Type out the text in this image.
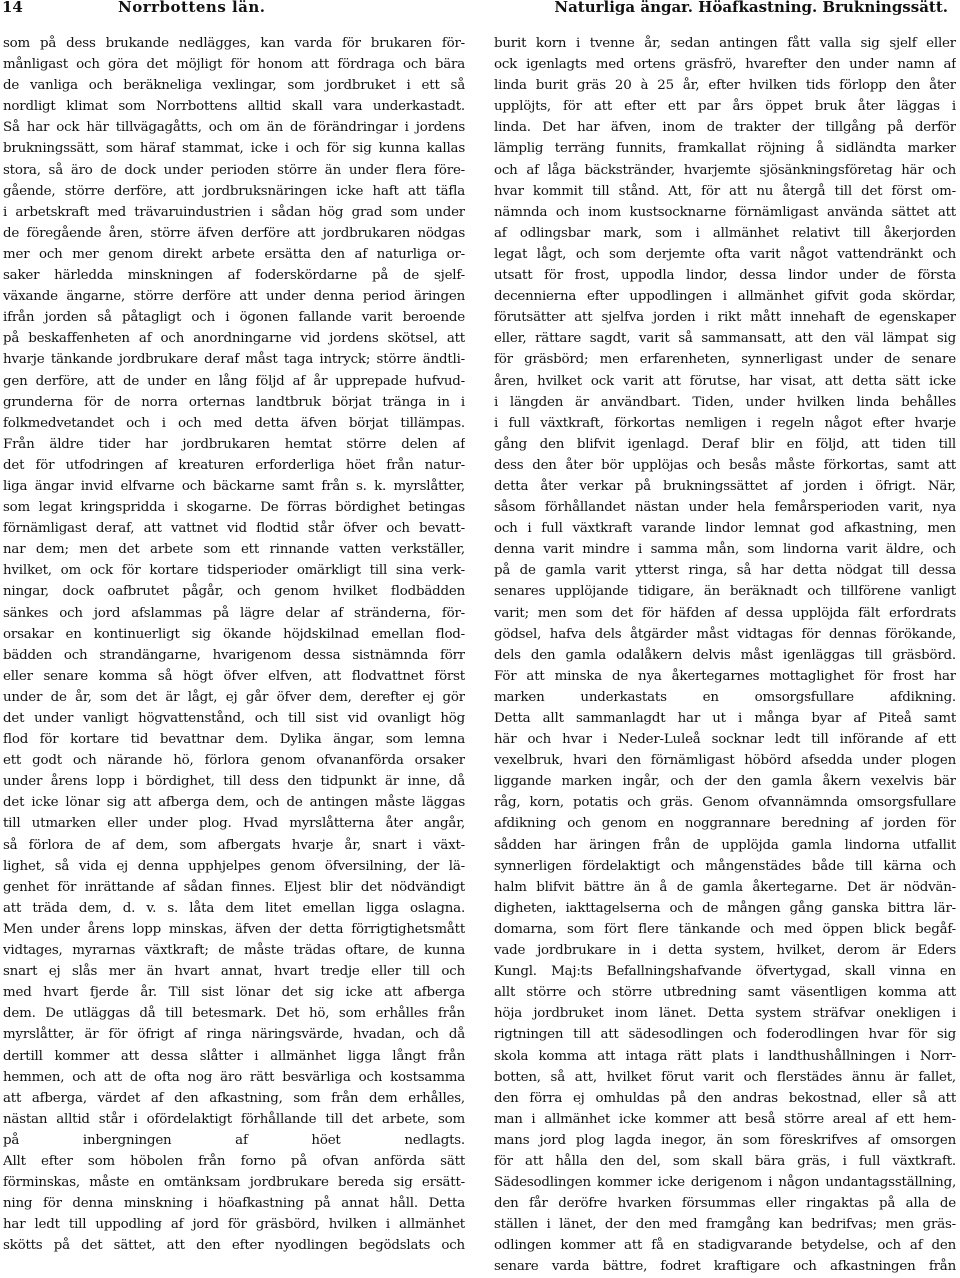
14	Norrbottens län.	Naturliga ängar. Höafkastning. Brukningssätt.

som på dess brukande nedlägges, kan varda för brukaren för-
månligast och göra det möjligt för honom att fördraga och bära
de vanliga och beräkneliga vexlingar, som jordbruket i ett så
nordligt klimat som Norrbottens alltid skall vara underkastadt.
Så har ock här tillvägagåtts, och om än de förändringar i jordens
brukningssätt, som häraf stammat, icke i och för sig kunna kallas
stora, så äro de dock under perioden större än under flera före-
gående, större derföre, att jordbruksnäringen icke haft att täfla
i arbetskraft med trävaruindustrien i sådan hög grad som under
de föregående åren, större äfven derföre att jordbrukaren nödgas
mer och mer genom direkt arbete ersätta den af naturliga or-
saker härledda minskningen af foderskördarne på de sjelf-
växande ängarne, större derföre att under denna period äringen
ifrån jorden så påtagligt och i ögonen fallande varit beroende
på beskaffenheten af och anordningarne vid jordens skötsel, att
hvarje tänkande jordbrukare deraf måst taga intryck; större ändtli-
gen derföre, att de under en lång följd af år upprepade hufvud-
grunderna för de norra orternas landtbruk börjat tränga in i
folkmedvetandet och i och med detta äfven börjat tillämpas.
Från äldre tider har jordbrukaren hemtat större delen af
det för utfodringen af kreaturen erforderliga höet från natur-
liga ängar invid elfvarne och bäckarne samt från s. k. myrslåtter,
som legat kringspridda i skogarne. De förras bördighet betingas
förnämligast deraf, att vattnet vid flodtid står öfver och bevatt-
nar dem; men det arbete som ett rinnande vatten verkställer,
hvilket, om ock för kortare tidsperioder omärkligt till sina verk-
ningar, dock oafbrutet pågår, och genom hvilket flodbädden
sänkes och jord afslammas på lägre delar af stränderna, för-
orsakar en kontinuerligt sig ökande höjdskilnad emellan flod-
bädden och strandängarne, hvarigenom dessa sistnämnda förr
eller senare komma så högt öfver elfven, att flodvattnet först
under de år, som det är lågt, ej går öfver dem, derefter ej gör
det under vanligt högvattenstånd, och till sist vid ovanligt hög
flod för kortare tid bevattnar dem. Dylika ängar, som lemna
ett godt och närande hö, förlora genom ofvananförda orsaker
under årens lopp i bördighet, till dess den tidpunkt är inne, då
det icke lönar sig att afberga dem, och de antingen måste läggas
till utmarken eller under plog. Hvad myrslåtterna åter angår,
så förlora de af dem, som afbergats hvarje år, snart i växt-
lighet, så vida ej denna upphjelpes genom öfversilning, der lä-
genhet för inrättande af sådan finnes. Eljest blir det nödvändigt
att träda dem, d. v. s. låta dem litet emellan ligga oslagna.
Men under årens lopp minskas, äfven der detta förrigtighetsmått
vidtages, myrarnas växtkraft; de måste trädas oftare, de kunna
snart ej slås mer än hvart annat, hvart tredje eller till och
med hvart fjerde år. Till sist lönar det sig icke att afberga
dem. De utläggas då till betesmark. Det hö, som erhålles från
myrslåtter, är för öfrigt af ringa näringsvärde, hvadan, och då
dertill kommer att dessa slåtter i allmänhet ligga långt från
hemmen, och att de ofta nog äro rätt besvärliga och kostsamma
att afberga, värdet af den afkastning, som från dem erhålles,
nästan alltid står i ofördelaktigt förhållande till det arbete, som
på inbergningen af höet nedlagts.
Allt efter som höbolen från forno på ofvan anförda sätt
förminskas, måste en omtänksam jordbrukare bereda sig ersätt-
ning för denna minskning i höafkastning på annat håll. Detta
har ledt till uppodling af jord för gräsbörd, hvilken i allmänhet
skötts på det sättet, att den efter nyodlingen begödslats och

burit korn i tvenne år, sedan antingen fått valla sig sjelf eller
ock igenlagts med ortens gräsfrö, hvarefter den under namn af
linda burit gräs 20 à 25 år, efter hvilken tids förlopp den åter
upplöjts, för att efter ett par års öppet bruk åter läggas i
linda. Det har äfven, inom de trakter der tillgång på derför
lämplig terräng funnits, framkallat röjning å sidländta marker
och af låga bäckstränder, hvarjemte sjösänkningsföretag här och
hvar kommit till stånd. Att, för att nu återgå till det först om-
nämnda och inom kustsocknarne förnämligast använda sättet att
af odlingsbar mark, som i allmänhet relativt till åkerjorden
legat lågt, och som derjemte ofta varit något vattendränkt och
utsatt för frost, uppodla lindor, dessa lindor under de första
decennierna efter uppodlingen i allmänhet gifvit goda skördar,
förutsätter att sjelfva jorden i rikt mått innehaft de egenskaper
eller, rättare sagdt, varit så sammansatt, att den väl lämpat sig
för gräsbörd; men erfarenheten, synnerligast under de senare
åren, hvilket ock varit att förutse, har visat, att detta sätt icke
i längden är användbart. Tiden, under hvilken linda behålles
i full växtkraft, förkortas nemligen i regeln något efter hvarje
gång den blifvit igenlagd. Deraf blir en följd, att tiden till
dess den åter bör upplöjas och besås måste förkortas, samt att
detta åter verkar på brukningssättet af jorden i öfrigt. När,
såsom förhållandet nästan under hela femårsperioden varit, nya
och i full växtkraft varande lindor lemnat god afkastning, men
denna varit mindre i samma mån, som lindorna varit äldre, och
på de gamla varit ytterst ringa, så har detta nödgat till dessa
senares upplöjande tidigare, än beräknadt och tillförene vanligt
varit; men som det för häfden af dessa upplöjda fält erfordrats
gödsel, hafva dels åtgärder måst vidtagas för dennas förökande,
dels den gamla odalåkern delvis måst igenläggas till gräsbörd.
För att minska de nya åkertegarnes mottaglighet för frost har
marken underkastats en omsorgsfullare afdikning.
Detta allt sammanlagdt har ut i många byar af Piteå samt
här och hvar i Neder-Luleå socknar ledt till införande af ett
vexelbruk, hvari den förnämligast höbörd afsedda under plogen
liggande marken ingår, och der den gamla åkern vexelvis bär
råg, korn, potatis och gräs. Genom ofvannämnda omsorgsfullare
afdikning och genom en noggrannare beredning af jorden för
sådden har äringen från de upplöjda gamla lindorna utfallit
synnerligen fördelaktigt och mångenstädes både till kärna och
halm blifvit bättre än å de gamla åkertegarne. Det är nödvän-
digheten, iakttagelserna och de mången gång ganska bittra lär-
domarna, som fört flere tänkande och med öppen blick begåf-
vade jordbrukare in i detta system, hvilket, derom är Eders
Kungl. Maj:ts Befallningshafvande öfvertygad, skall vinna en
allt större och större utbredning samt väsentligen komma att
höja jordbruket inom länet. Detta system sträfvar onekligen i
rigtningen till att sädesodlingen och foderodlingen hvar för sig
skola komma att intaga rätt plats i landthushållningen i Norr-
botten, så att, hvilket förut varit och flerstädes ännu är fallet,
den förra ej omhuldas på den andras bekostnad, eller så att
man i allmänhet icke kommer att beså större areal af ett hem-
mans jord plog lagda inegor, än som föreskrifves af omsorgen
för att hålla den del, som skall bära gräs, i full växtkraft.
Sädesodlingen kommer icke derigenom i någon undantagsställning,
den får deröfre hvarken försummas eller ringaktas på alla de
ställen i länet, der den med framgång kan bedrifvas; men gräs-
odlingen kommer att få en stadigvarande betydelse, och af den
senare varda bättre, fodret kraftigare och afkastningen från
